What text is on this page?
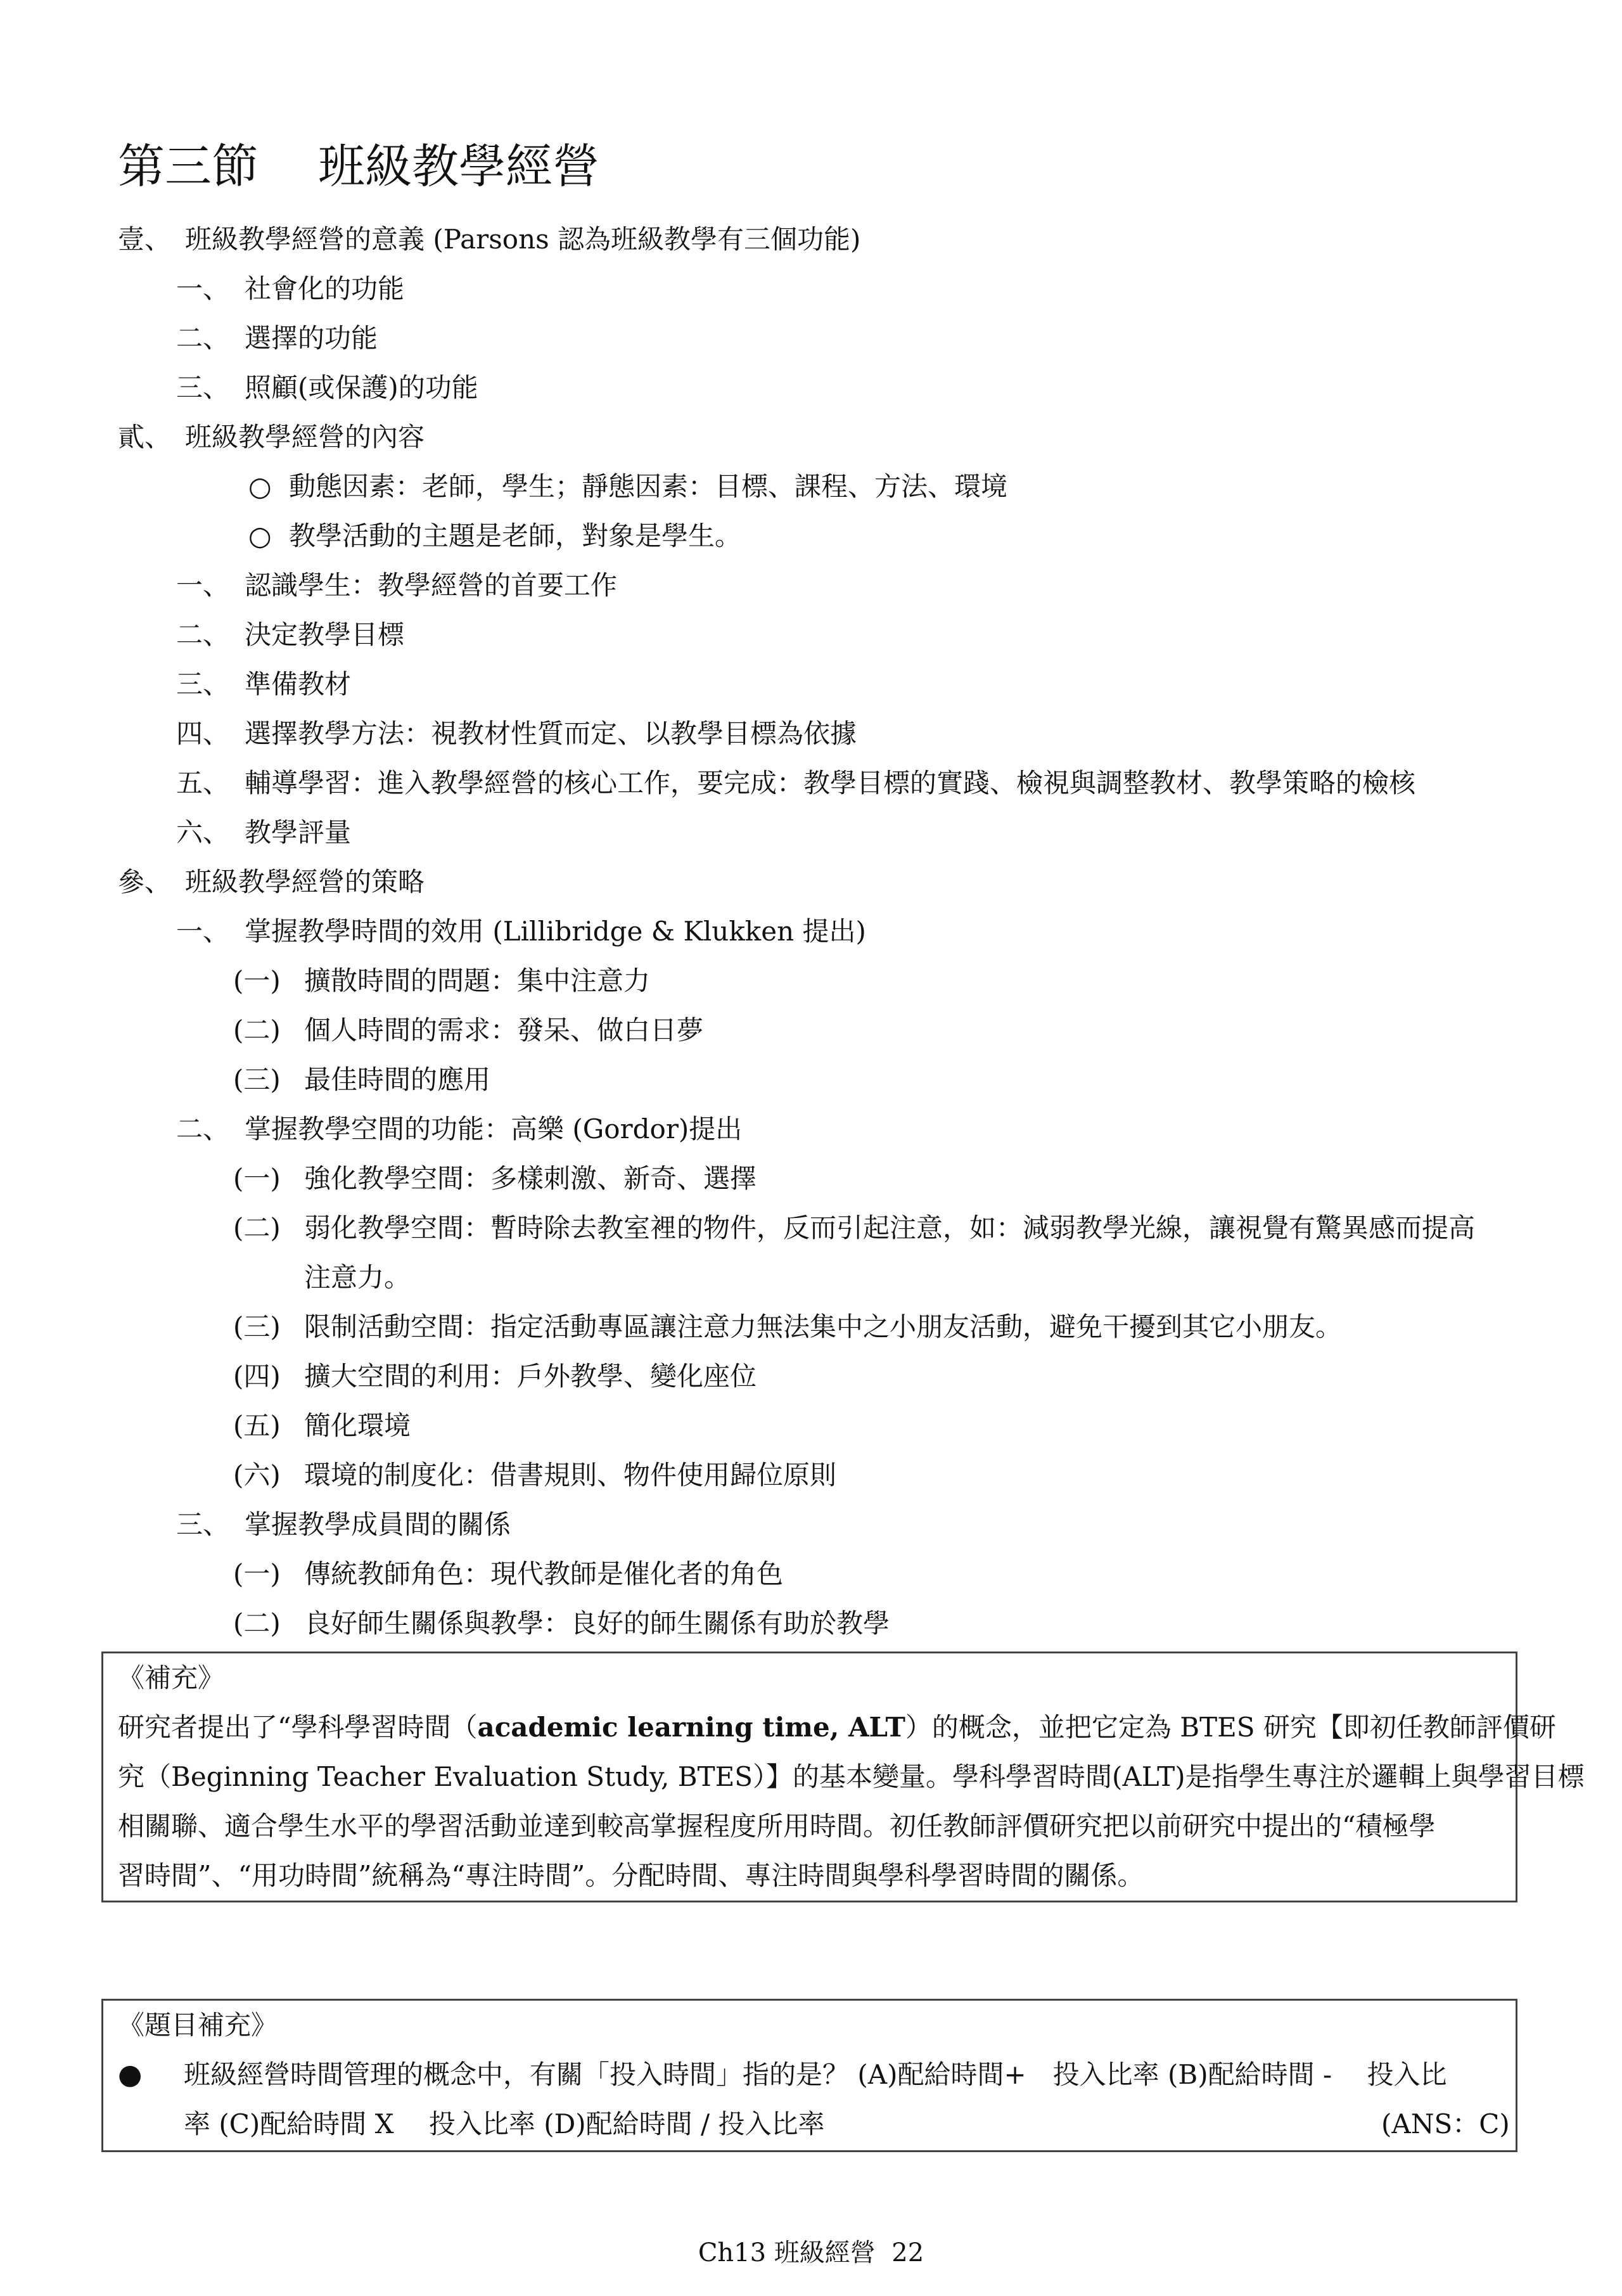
第三節 班級教學經營
壹、 班級教學經營的意義 (Parsons 認為班級教學有三個功能)
一、 社會化的功能
二、 選擇的功能
三、 照顧(或保護)的功能
貳、 班級教學經營的內容
○ 動態因素：老師，學生；靜態因素：目標、課程、方法、環境
○ 教學活動的主題是老師，對象是學生。
一、 認識學生：教學經營的首要工作
二、 決定教學目標
三、 準備教材
四、 選擇教學方法：視教材性質而定、以教學目標為依據
五、 輔導學習：進入教學經營的核心工作，要完成：教學目標的實踐、檢視與調整教材、教學策略的檢核
六、 教學評量
參、 班級教學經營的策略
一、 掌握教學時間的效用 (Lillibridge & Klukken 提出)
(一) 擴散時間的問題：集中注意力
(二) 個人時間的需求：發呆、做白日夢
(三) 最佳時間的應用
二、 掌握教學空間的功能：高樂 (Gordor)提出
(一) 強化教學空間：多樣刺激、新奇、選擇
(二) 弱化教學空間：暫時除去教室裡的物件，反而引起注意，如：減弱教學光線，讓視覺有驚異感而提高
注意力。
(三) 限制活動空間：指定活動專區讓注意力無法集中之小朋友活動，避免干擾到其它小朋友。
(四) 擴大空間的利用：戶外教學、變化座位
(五) 簡化環境
(六) 環境的制度化：借書規則、物件使用歸位原則
三、 掌握教學成員間的關係
(一) 傳統教師角色：現代教師是催化者的角色
(二) 良好師生關係與教學：良好的師生關係有助於教學
《補充》
研究者提出了“學科學習時間（academic learning time, ALT）的概念，並把它定為 BTES 研究【即初任教師評價研
究（Beginning Teacher Evaluation Study, BTES）】的基本變量。學科學習時間(ALT)是指學生專注於邏輯上與學習目標
相關聯、適合學生水平的學習活動並達到較高掌握程度所用時間。初任教師評價研究把以前研究中提出的“積極學
習時間”、“用功時間”統稱為“專注時間”。分配時間、專注時間與學科學習時間的關係。
《題目補充》
● 班級經營時間管理的概念中，有關「投入時間」指的是？ (A)配給時間+　投入比率 (B)配給時間 -　 投入比
率 (C)配給時間 X　 投入比率 (D)配給時間 / 投入比率	(ANS：C)
Ch13 班級經營 22
